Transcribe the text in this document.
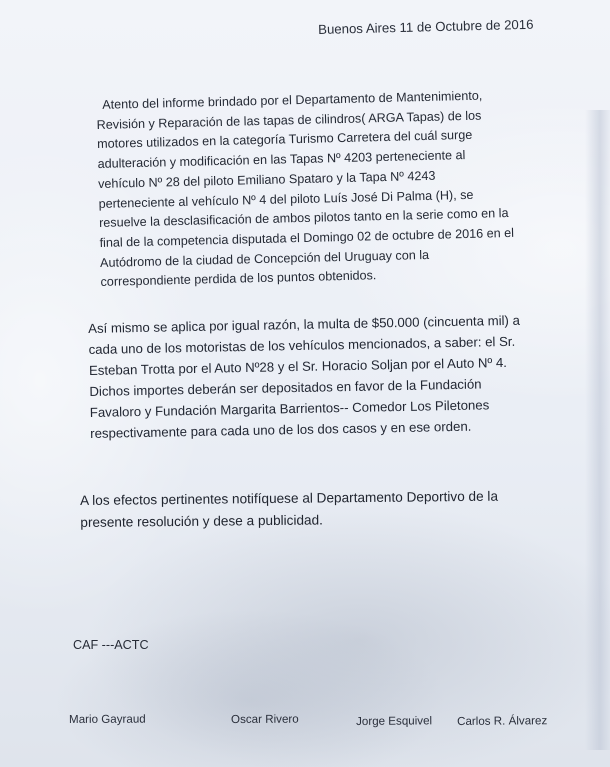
Buenos Aires 11 de Octubre de 2016
Atento del informe brindado por el Departamento de Mantenimiento,
Revisión y Reparación de las tapas de cilindros( ARGA Tapas) de los
motores utilizados en la categoría Turismo Carretera del cuál surge
adulteración y modificación en las Tapas Nº 4203 perteneciente al
vehículo Nº 28 del piloto Emiliano Spataro y la Tapa Nº 4243
perteneciente al vehículo Nº 4 del piloto Luís José Di Palma (H), se
resuelve la desclasificación de ambos pilotos tanto en la serie como en la
final de la competencia disputada el Domingo 02 de octubre de 2016 en el
Autódromo de la ciudad de Concepción del Uruguay con la
correspondiente perdida de los puntos obtenidos.
Así mismo se aplica por igual razón, la multa de $50.000 (cincuenta mil) a
cada uno de los motoristas de los vehículos mencionados, a saber: el Sr.
Esteban Trotta por el Auto Nº28 y el Sr. Horacio Soljan por el Auto Nº 4.
Dichos importes deberán ser depositados en favor de la Fundación
Favaloro y Fundación Margarita Barrientos-- Comedor Los Piletones
respectivamente para cada uno de los dos casos y en ese orden.
A los efectos pertinentes notifíquese al Departamento Deportivo de la
presente resolución y dese a publicidad.
CAF ---ACTC
Mario Gayraud	Oscar Rivero	Jorge Esquivel Carlos R. Álvarez
